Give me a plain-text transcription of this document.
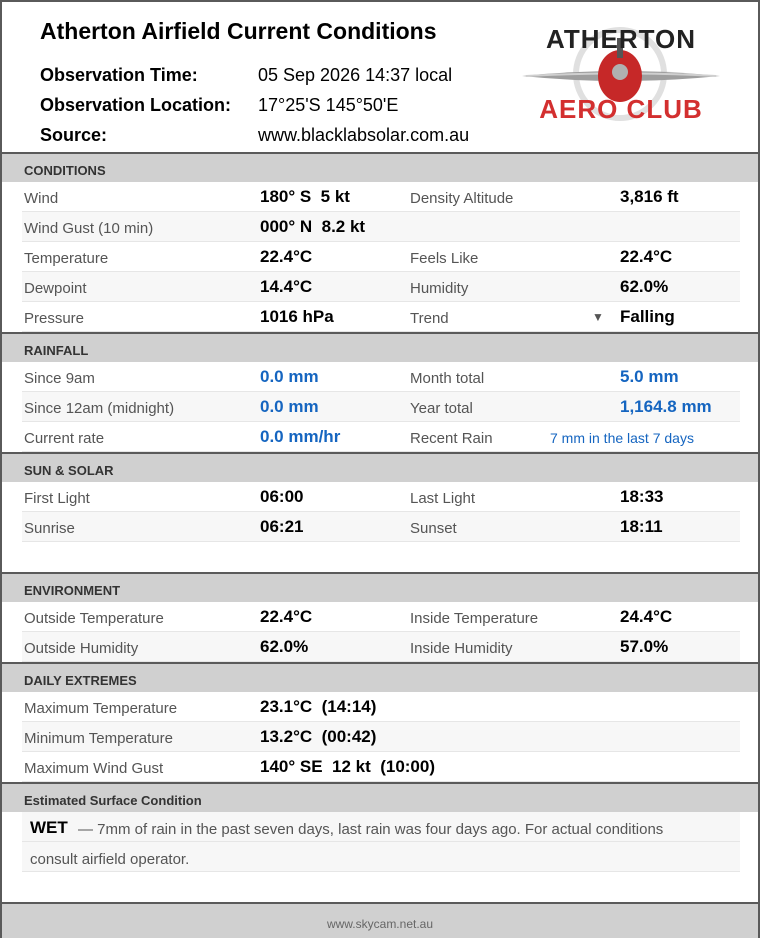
Atherton Airfield Current Conditions
Observation Time:	05 Sep 2026 14:37 local
Observation Location: 17°25'S 145°50'E
Source:	www.blacklabsolar.com.au
ATHERTON
AERO CLUB
CONDITIONS
Wind	180° S  5 kt	Density Altitude	3,816 ft
Wind Gust (10 min)	000° N  8.2 kt
Temperature	22.4°C	Feels Like	22.4°C
Dewpoint	14.4°C	Humidity	62.0%
Pressure	1016 hPa	Trend	▼ Falling
RAINFALL
Since 9am	0.0 mm	Month total	5.0 mm
Since 12am (midnight)	0.0 mm	Year total	1,164.8 mm
Current rate	0.0 mm/hr	Recent Rain	7 mm in the last 7 days
SUN & SOLAR
First Light	06:00	Last Light	18:33
Sunrise	06:21	Sunset	18:11
ENVIRONMENT
Outside Temperature	22.4°C	Inside Temperature	24.4°C
Outside Humidity	62.0%	Inside Humidity	57.0%
DAILY EXTREMES
Maximum Temperature	23.1°C  (14:14)
Minimum Temperature	13.2°C  (00:42)
Maximum Wind Gust	140° SE  12 kt  (10:00)
Estimated Surface Condition
WET — 7mm of rain in the past seven days, last rain was four days ago. For actual conditions
consult airfield operator.
www.skycam.net.au
